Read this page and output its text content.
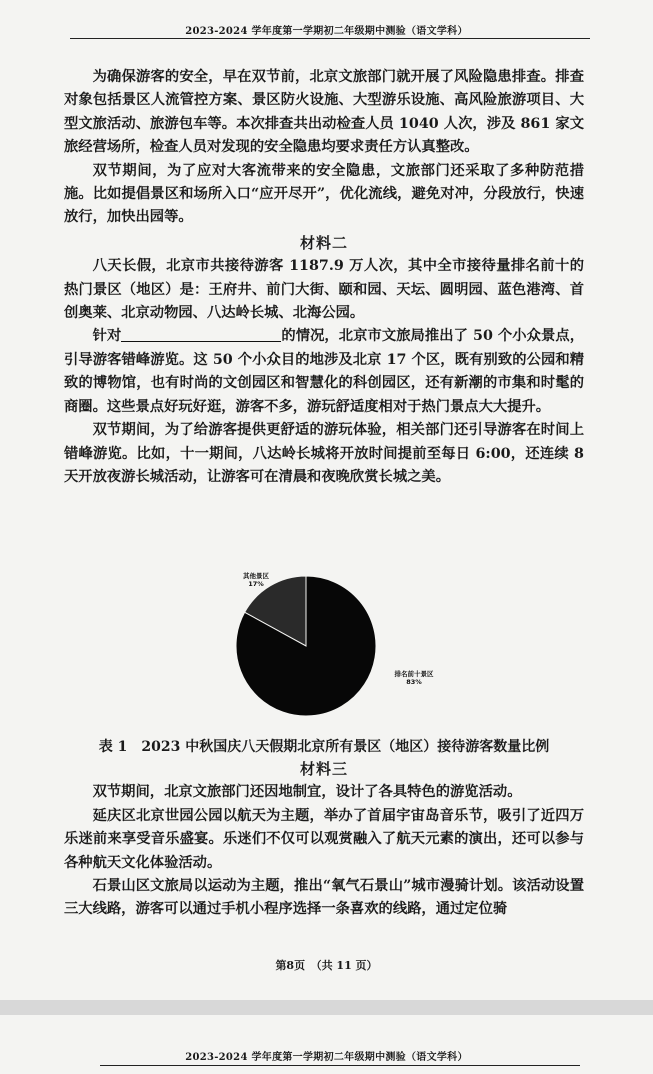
2023-2024 学年度第一学期初二年级期中测验（语文学科）

为确保游客的安全，早在双节前，北京文旅部门就开展了风险隐患排查。排查对象包括景区人流管控方案、景区防火设施、大型游乐设施、高风险旅游项目、大型文旅活动、旅游包车等。本次排查共出动检查人员 1040 人次，涉及 861 家文旅经营场所，检查人员对发现的安全隐患均要求责任方认真整改。

双节期间，为了应对大客流带来的安全隐患，文旅部门还采取了多种防范措施。比如提倡景区和场所入口“应开尽开”，优化流线，避免对冲，分段放行，快速放行，加快出园等。

材料二

八天长假，北京市共接待游客 1187.9 万人次，其中全市接待量排名前十的热门景区（地区）是：王府井、前门大街、颐和园、天坛、圆明园、蓝色港湾、首创奥莱、北京动物园、八达岭长城、北海公园。

针对	的情况，北京市文旅局推出了 50 个小众景点，引导游客错峰游览。这 50 个小众目的地涉及北京 17 个区，既有别致的公园和精致的博物馆，也有时尚的文创园区和智慧化的科创园区，还有新潮的市集和时髦的商圈。这些景点好玩好逛，游客不多，游玩舒适度相对于热门景点大大提升。

双节期间，为了给游客提供更舒适的游玩体验，相关部门还引导游客在时间上错峰游览。比如，十一期间，八达岭长城将开放时间提前至每日 6:00，还连续 8 天开放夜游长城活动，让游客可在清晨和夜晚欣赏长城之美。

其他景区
17%
排名前十景区
83%
表 1　2023 中秋国庆八天假期北京所有景区（地区）接待游客数量比例
材料三

双节期间，北京文旅部门还因地制宜，设计了各具特色的游览活动。

延庆区北京世园公园以航天为主题，举办了首届宇宙岛音乐节，吸引了近四万乐迷前来享受音乐盛宴。乐迷们不仅可以观赏融入了航天元素的演出，还可以参与各种航天文化体验活动。

石景山区文旅局以运动为主题，推出“氧气石景山”城市漫骑计划。该活动设置三大线路，游客可以通过手机小程序选择一条喜欢的线路，通过定位骑

第8页　（共 11 页）
2023-2024 学年度第一学期初二年级期中测验（语文学科）
